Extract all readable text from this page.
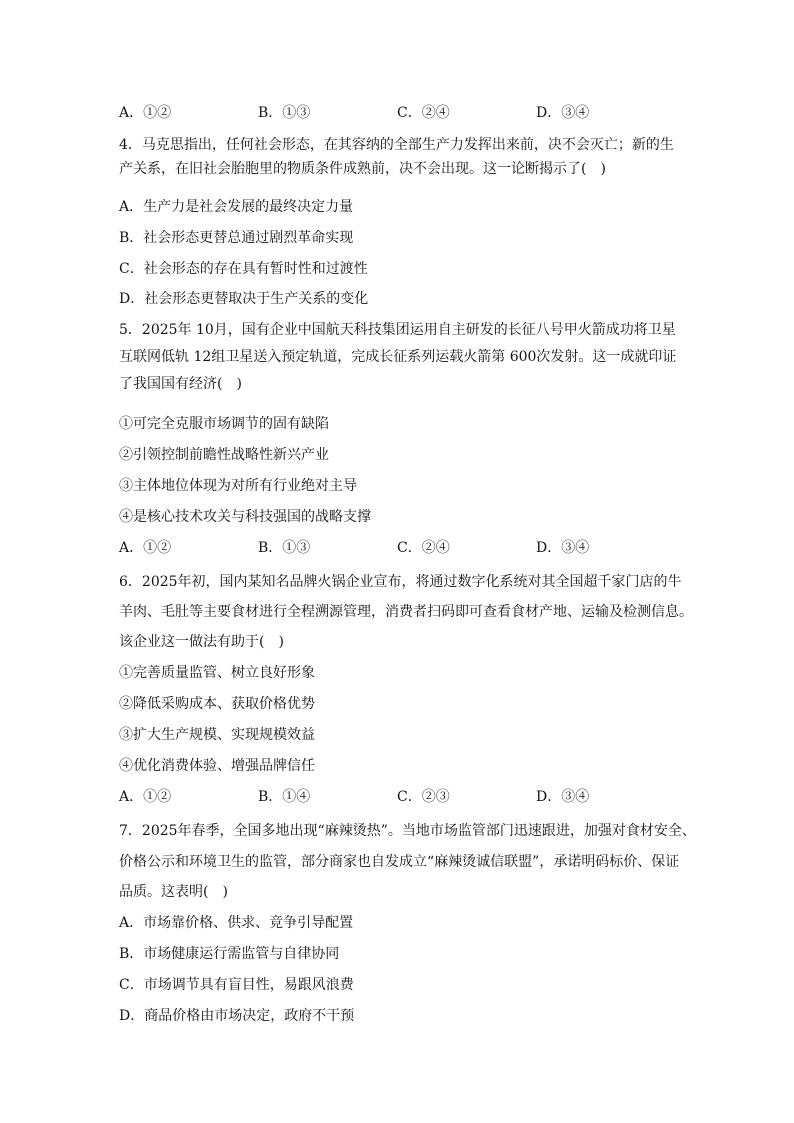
A．①②	B．①③	C．②④	D．③④
4．马克思指出，任何社会形态，在其容纳的全部生产力发挥出来前，决不会灭亡；新的生
产关系，在旧社会胎胞里的物质条件成熟前，决不会出现。这一论断揭示了(　)
A．生产力是社会发展的最终决定力量
B．社会形态更替总通过剧烈革命实现
C．社会形态的存在具有暂时性和过渡性
D．社会形态更替取决于生产关系的变化
5．2025年 10月，国有企业中国航天科技集团运用自主研发的长征八号甲火箭成功将卫星
互联网低轨 12组卫星送入预定轨道，完成长征系列运载火箭第 600次发射。这一成就印证
了我国国有经济(　)
①可完全克服市场调节的固有缺陷
②引领控制前瞻性战略性新兴产业
③主体地位体现为对所有行业绝对主导
④是核心技术攻关与科技强国的战略支撑
A．①②	B．①③	C．②④	D．③④
6．2025年初，国内某知名品牌火锅企业宣布，将通过数字化系统对其全国超千家门店的牛
羊肉、毛肚等主要食材进行全程溯源管理，消费者扫码即可查看食材产地、运输及检测信息。
该企业这一做法有助于(　)
①完善质量监管、树立良好形象
②降低采购成本、获取价格优势
③扩大生产规模、实现规模效益
④优化消费体验、增强品牌信任
A．①②	B．①④	C．②③	D．③④
7．2025年春季，全国多地出现“麻辣烫热”。当地市场监管部门迅速跟进，加强对食材安全、
价格公示和环境卫生的监管，部分商家也自发成立“麻辣烫诚信联盟”，承诺明码标价、保证
品质。这表明(　)
A．市场靠价格、供求、竞争引导配置
B．市场健康运行需监管与自律协同
C．市场调节具有盲目性，易跟风浪费
D．商品价格由市场决定，政府不干预
